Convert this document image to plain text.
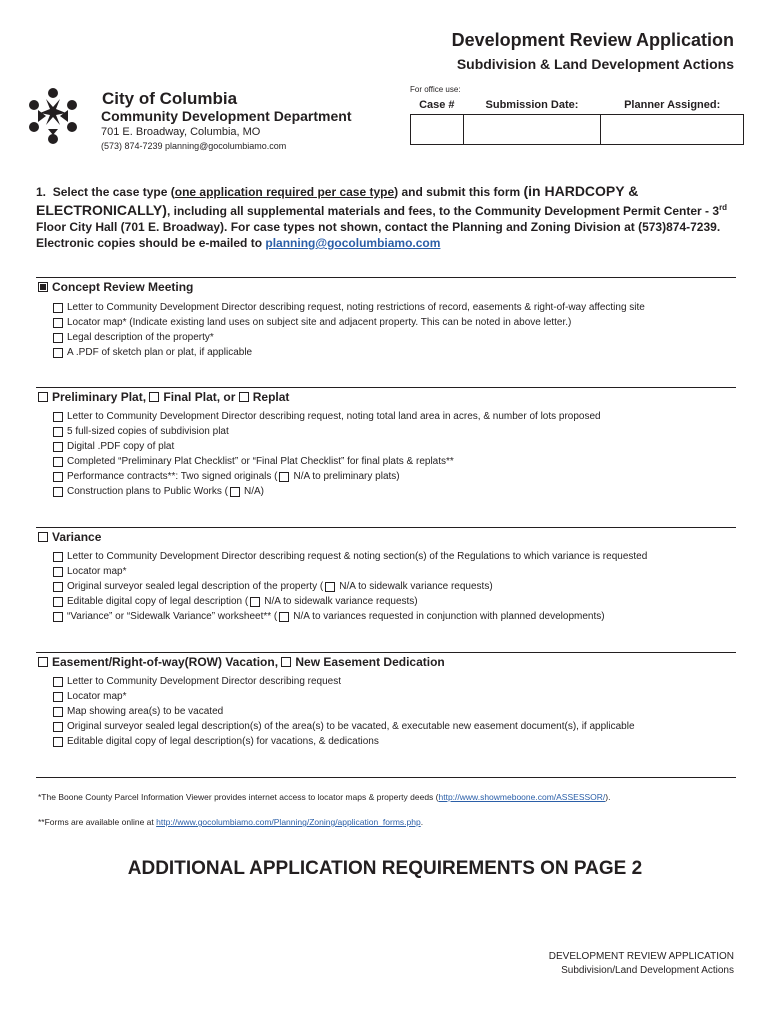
Development Review Application
Subdivision & Land Development Actions
City of Columbia
Community Development Department
701 E. Broadway, Columbia, MO
(573) 874-7239 planning@gocolumbiamo.com
For office use:
Case #	Submission Date:	Planner Assigned:

1. Select the case type (one application required per case type) and submit this form (in HARDCOPY & ELECTRONICALLY), including all supplemental materials and fees, to the Community Development Permit Center - 3rd Floor City Hall (701 E. Broadway). For case types not shown, contact the Planning and Zoning Division at (573)874-7239. Electronic copies should be e-mailed to planning@gocolumbiamo.com
Concept Review Meeting
Letter to Community Development Director describing request, noting restrictions of record, easements & right-of-way affecting site
Locator map* (Indicate existing land uses on subject site and adjacent property. This can be noted in above letter.)
Legal description of the property*
A .PDF of sketch plan or plat, if applicable
Preliminary Plat,
Final Plat, or
Replat
Letter to Community Development Director describing request, noting total land area in acres, & number of lots proposed
5 full-sized copies of subdivision plat
Digital .PDF copy of plat
Completed “Preliminary Plat Checklist” or “Final Plat Checklist” for final plats & replats**
Performance contracts**: Two signed originals ( N/A to preliminary plats)
Construction plans to Public Works ( N/A)
Variance
Letter to Community Development Director describing request & noting section(s) of the Regulations to which variance is requested
Locator map*
Original surveyor sealed legal description of the property ( N/A to sidewalk variance requests)
Editable digital copy of legal description ( N/A to sidewalk variance requests)
“Variance” or “Sidewalk Variance” worksheet** ( N/A to variances requested in conjunction with planned developments)
Easement/Right-of-way(ROW) Vacation,
New Easement Dedication
Letter to Community Development Director describing request
Locator map*
Map showing area(s) to be vacated
Original surveyor sealed legal description(s) of the area(s) to be vacated, & executable new easement document(s), if applicable
Editable digital copy of legal description(s) for vacations, & dedications
*The Boone County Parcel Information Viewer provides internet access to locator maps & property deeds (http://www.showmeboone.com/ASSESSOR/).
**Forms are available online at http://www.gocolumbiamo.com/Planning/Zoning/application_forms.php.
ADDITIONAL APPLICATION REQUIREMENTS ON PAGE 2
DEVELOPMENT REVIEW APPLICATION
Subdivision/Land Development Actions
